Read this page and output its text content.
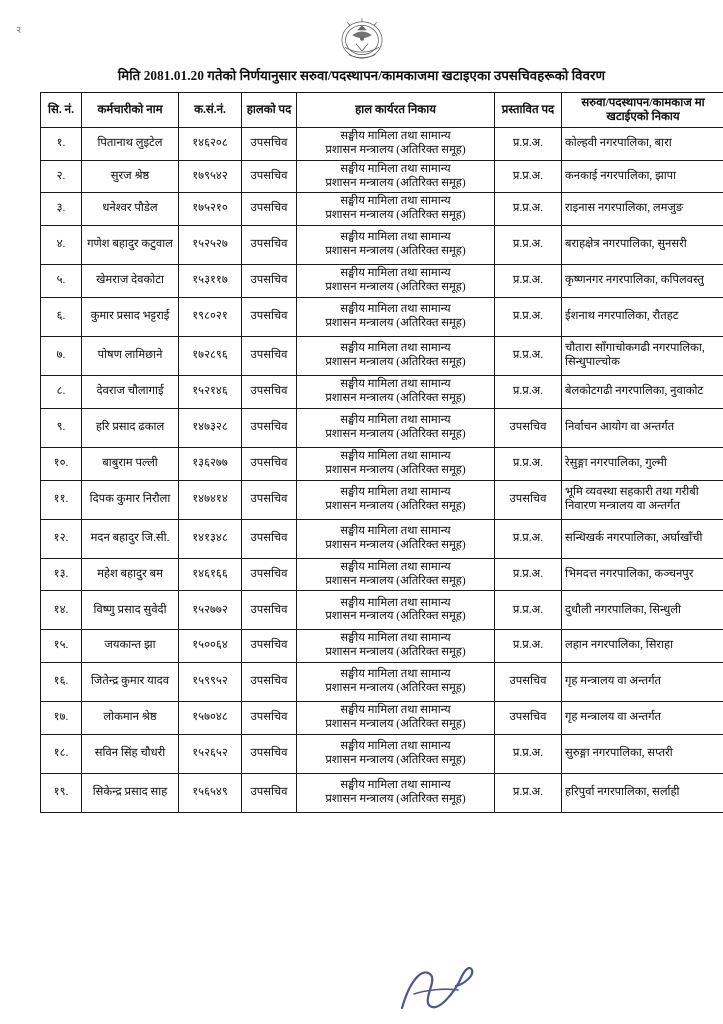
२
मिति 2081.01.20 गतेको निर्णयानुसार सरुवा/पदस्थापन/कामकाजमा खटाइएका उपसचिवहरूको विवरण
सि. नं.	कर्मचारीको नाम	क.सं.नं.	हालको पद	हाल कार्यरत निकाय	प्रस्तावित पद	सरुवा/पदस्थापन/कामकाज मा खटाईएको निकाय
१.	पितानाथ लुइटेल	१४६२०८	उपसचिव	सङ्घीय मामिला तथा सामान्य
प्रशासन मन्त्रालय (अतिरिक्त समूह)	प्र.प्र.अ.	कोल्हवी नगरपालिका, बारा
२.	सुरज श्रेष्ठ	१७९५४२	उपसचिव	सङ्घीय मामिला तथा सामान्य
प्रशासन मन्त्रालय (अतिरिक्त समूह)	प्र.प्र.अ.	कनकाई नगरपालिका, झापा
३.	धनेश्वर पौडेल	१७५२१०	उपसचिव	सङ्घीय मामिला तथा सामान्य
प्रशासन मन्त्रालय (अतिरिक्त समूह)	प्र.प्र.अ.	राइनास नगरपालिका, लमजुङ
४.	गणेश बहादुर कटुवाल	१५२५२७	उपसचिव	सङ्घीय मामिला तथा सामान्य
प्रशासन मन्त्रालय (अतिरिक्त समूह)	प्र.प्र.अ.	बराहक्षेत्र नगरपालिका, सुनसरी
५.	खेमराज देवकोटा	१५३११७	उपसचिव	सङ्घीय मामिला तथा सामान्य
प्रशासन मन्त्रालय (अतिरिक्त समूह)	प्र.प्र.अ.	कृष्णनगर नगरपालिका, कपिलवस्तु
६.	कुमार प्रसाद भट्टराई	१९८०२१	उपसचिव	सङ्घीय मामिला तथा सामान्य
प्रशासन मन्त्रालय (अतिरिक्त समूह)	प्र.प्र.अ.	ईशनाथ नगरपालिका, रौतहट
७.	पोषण लामिछाने	१७२८९६	उपसचिव	सङ्घीय मामिला तथा सामान्य
प्रशासन मन्त्रालय (अतिरिक्त समूह)	प्र.प्र.अ.	चौतारा साँगाचोकगढी नगरपालिका, सिन्धुपाल्चोक
८.	देवराज चौलागाई	१५२१४६	उपसचिव	सङ्घीय मामिला तथा सामान्य
प्रशासन मन्त्रालय (अतिरिक्त समूह)	प्र.प्र.अ.	बेलकोटगढी नगरपालिका, नुवाकोट
९.	हरि प्रसाद ढकाल	१४७३२८	उपसचिव	सङ्घीय मामिला तथा सामान्य
प्रशासन मन्त्रालय (अतिरिक्त समूह)	उपसचिव	निर्वाचन आयोग वा अन्तर्गत
१०.	बाबुराम पल्ली	१३६२७७	उपसचिव	सङ्घीय मामिला तथा सामान्य
प्रशासन मन्त्रालय (अतिरिक्त समूह)	प्र.प्र.अ.	रेसुङ्गा नगरपालिका, गुल्मी
११.	दिपक कुमार निरौला	१४७४१४	उपसचिव	सङ्घीय मामिला तथा सामान्य
प्रशासन मन्त्रालय (अतिरिक्त समूह)	उपसचिव	भूमि व्यवस्था सहकारी तथा गरीबी निवारण मन्त्रालय वा अन्तर्गत
१२.	मदन बहादुर जि.सी.	१४१३४८	उपसचिव	सङ्घीय मामिला तथा सामान्य
प्रशासन मन्त्रालय (अतिरिक्त समूह)	प्र.प्र.अ.	सन्धिखर्क नगरपालिका, अर्घाखाँची
१३.	महेश बहादुर बम	१४६१६६	उपसचिव	सङ्घीय मामिला तथा सामान्य
प्रशासन मन्त्रालय (अतिरिक्त समूह)	प्र.प्र.अ.	भिमदत्त नगरपालिका, कञ्चनपुर
१४.	विष्णु प्रसाद सुवेदी	१५२७७२	उपसचिव	सङ्घीय मामिला तथा सामान्य
प्रशासन मन्त्रालय (अतिरिक्त समूह)	प्र.प्र.अ.	दुधौली नगरपालिका, सिन्धुली
१५.	जयकान्त झा	१५००६४	उपसचिव	सङ्घीय मामिला तथा सामान्य
प्रशासन मन्त्रालय (अतिरिक्त समूह)	प्र.प्र.अ.	लहान नगरपालिका, सिराहा
१६.	जितेन्द्र कुमार यादव	१५९९५२	उपसचिव	सङ्घीय मामिला तथा सामान्य
प्रशासन मन्त्रालय (अतिरिक्त समूह)	उपसचिव	गृह मन्त्रालय वा अन्तर्गत
१७.	लोकमान श्रेष्ठ	१५७०४८	उपसचिव	सङ्घीय मामिला तथा सामान्य
प्रशासन मन्त्रालय (अतिरिक्त समूह)	उपसचिव	गृह मन्त्रालय वा अन्तर्गत
१८.	सविन सिंह चौधरी	१५२६५२	उपसचिव	सङ्घीय मामिला तथा सामान्य
प्रशासन मन्त्रालय (अतिरिक्त समूह)	प्र.प्र.अ.	सुरुङ्गा नगरपालिका, सप्तरी
१९.	सिकेन्द्र प्रसाद साह	१५६५४९	उपसचिव	सङ्घीय मामिला तथा सामान्य
प्रशासन मन्त्रालय (अतिरिक्त समूह)	प्र.प्र.अ.	हरिपुर्वा नगरपालिका, सर्लाही
